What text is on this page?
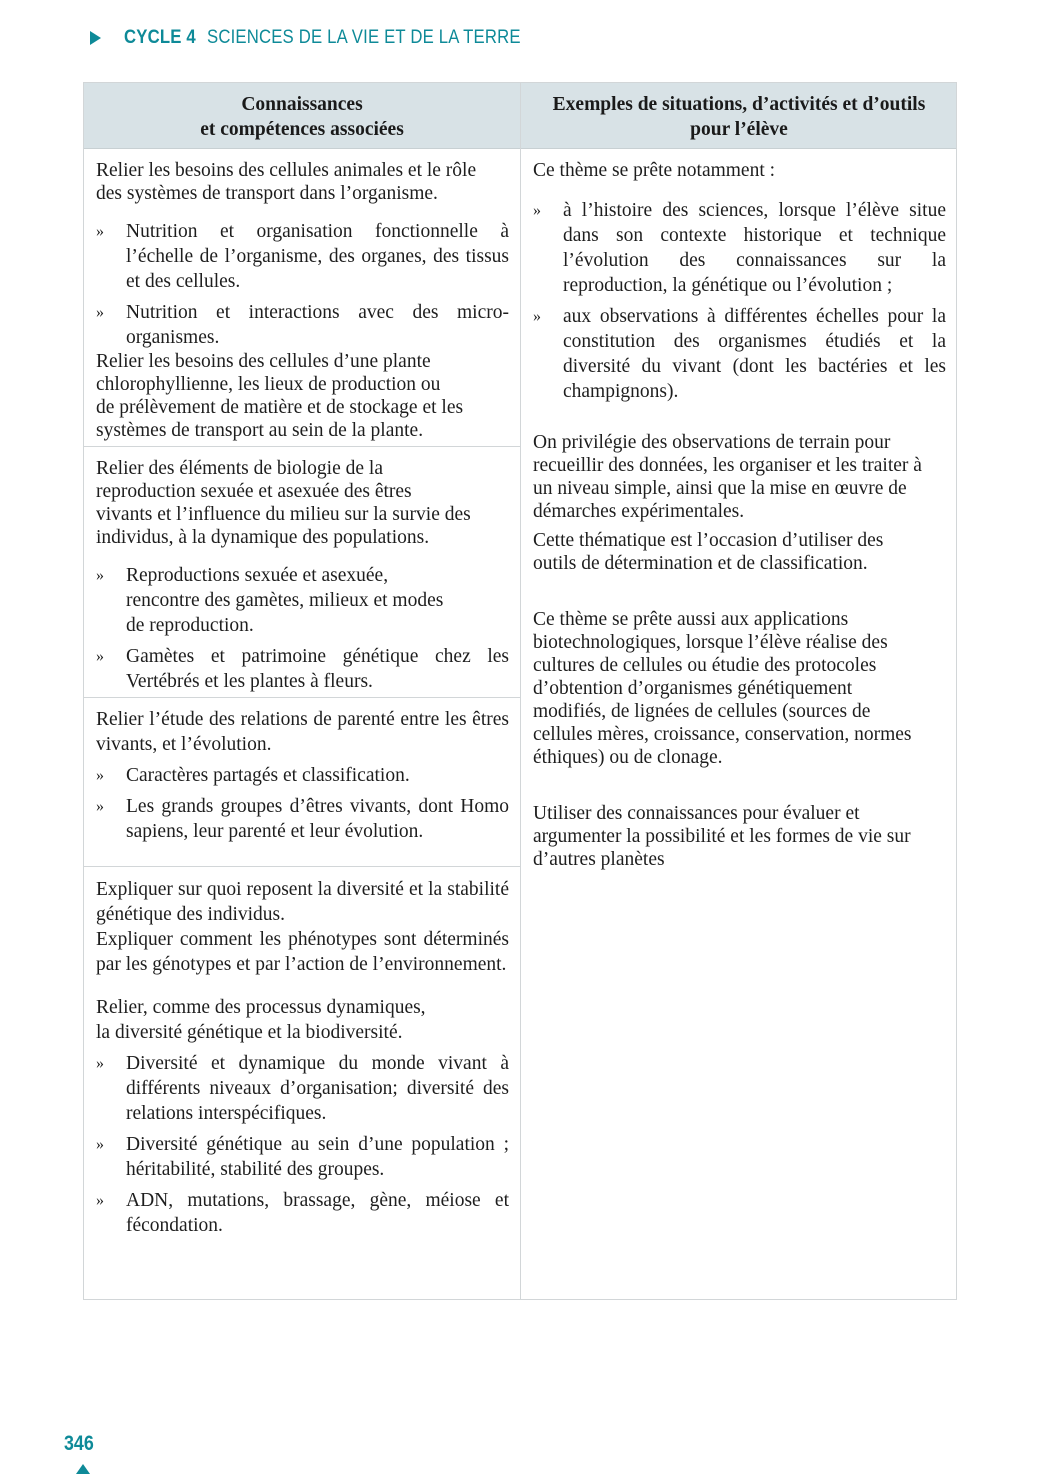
CYCLE 4 SCIENCES DE LA VIE ET DE LA TERRE
Connaissances
et compétences associées
Exemples de situations, d’activités et d’outils
pour l’élève
Relier les besoins des cellules animales et le rôle
des systèmes de transport dans l’organisme.
» Nutrition et organisation fonctionnelle à l’échelle de l’organisme, des organes, des tissus et des cellules.
» Nutrition et interactions avec des micro-organismes.
Relier les besoins des cellules d’une plante
chlorophyllienne, les lieux de production ou
de prélèvement de matière et de stockage et les
systèmes de transport au sein de la plante.
Relier des éléments de biologie de la
reproduction sexuée et asexuée des êtres
vivants et l’influence du milieu sur la survie des
individus, à la dynamique des populations.
» Reproductions sexuée et asexuée,
rencontre des gamètes, milieux et modes
de reproduction.
» Gamètes et patrimoine génétique chez les Vertébrés et les plantes à fleurs.
Relier l’étude des relations de parenté entre les êtres vivants, et l’évolution.
» Caractères partagés et classification.
» Les grands groupes d’êtres vivants, dont Homo sapiens, leur parenté et leur évolution.
Expliquer sur quoi reposent la diversité et la stabilité génétique des individus.
Expliquer comment les phénotypes sont déterminés par les génotypes et par l’action de l’environnement.
Relier, comme des processus dynamiques,
la diversité génétique et la biodiversité.
» Diversité et dynamique du monde vivant à différents niveaux d’organisation; diversité des relations interspécifiques.
» Diversité génétique au sein d’une population ; héritabilité, stabilité des groupes.
» ADN, mutations, brassage, gène, méiose et fécondation.
Ce thème se prête notamment :
» à l’histoire des sciences, lorsque l’élève situe dans son contexte historique et technique l’évolution des connaissances sur la reproduction, la génétique ou l’évolution ;
» aux observations à différentes échelles pour la constitution des organismes étudiés et la diversité du vivant (dont les bactéries et les champignons).
On privilégie des observations de terrain pour
recueillir des données, les organiser et les traiter à
un niveau simple, ainsi que la mise en œuvre de
démarches expérimentales.
Cette thématique est l’occasion d’utiliser des
outils de détermination et de classification.
Ce thème se prête aussi aux applications
biotechnologiques, lorsque l’élève réalise des
cultures de cellules ou étudie des protocoles
d’obtention d’organismes génétiquement
modifiés, de lignées de cellules (sources de
cellules mères, croissance, conservation, normes
éthiques) ou de clonage.
Utiliser des connaissances pour évaluer et
argumenter la possibilité et les formes de vie sur
d’autres planètes
346
